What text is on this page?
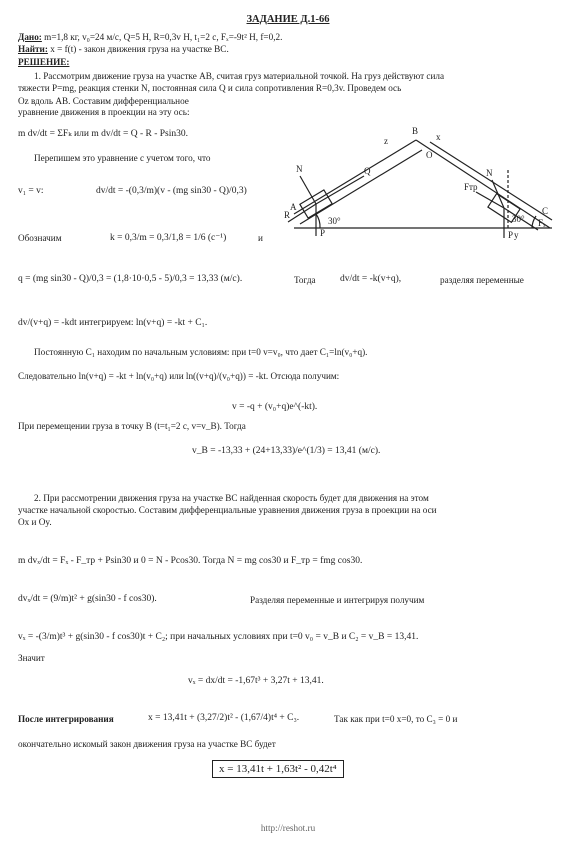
ЗАДАНИЕ Д.1-66
Дано: m=1,8 кг, v₀=24 м/с, Q=5 Н, R=0,3v Н, t₁=2 с, Fₓ=-9t² Н, f=0,2.
Найти: x = f(t) - закон движения груза на участке ВС.
РЕШЕНИЕ:
1. Рассмотрим движение груза на участке AB, считая груз материальной точкой. На груз действуют сила
тяжести P=mg, реакция стенки N, постоянная сила Q и сила сопротивления R=0,3v. Проведем ось
Oz вдоль АВ. Составим дифференциальное
уравнение движения в проекции на эту ось:
m dv/dt = ΣFₖ или m dv/dt = Q - R - Psin30.
Перепишем это уравнение с учетом того, что
v₁ = v:	dv/dt = -(0,3/m)(v - (mg sin30 - Q)/0,3)
Обозначим	k = 0,3/m = 0,3/1,8 = 1/6 (c⁻¹)	и
q = (mg sin30 - Q)/0,3 = (1,8·10·0,5 - 5)/0,3 = 13,33 (м/с).	Тогда	dv/dt = -k(v+q),	разделяя переменные
dv/(v+q) = -kdt интегрируем: ln(v+q) = -kt + C₁.
Постоянную C₁ находим по начальным условиям: при t=0 v=v₀, что дает C₁=ln(v₀+q).
Следовательно ln(v+q) = -kt + ln(v₀+q) или ln((v+q)/(v₀+q)) = -kt. Отсюда получим:
v = -q + (v₀+q)e^(-kt).
При перемещении груза в точку B (t=t₁=2 с, v=v_B). Тогда
v_B = -13,33 + (24+13,33)/e^(1/3) = 13,41 (м/с).
2. При рассмотрении движения груза на участке ВС найденная скорость будет для движения на этом
участке начальной скоростью. Составим дифференциальные уравнения движения груза в проекции на оси
Ox и Oy.
m dvₓ/dt = Fₓ - F_тр + Psin30 и 0 = N - Pcos30. Тогда N = mg cos30 и F_тр = fmg cos30.
dvₓ/dt = (9/m)t² + g(sin30 - f cos30).	Разделяя переменные и интегрируя получим
vₓ = -(3/m)t³ + g(sin30 - f cos30)t + C₂; при начальных условиях при t=0 v₀ = v_B и C₂ = v_B = 13,41.
Значит
vₓ = dx/dt = -1,67t³ + 3,27t + 13,41.
После интегрирования	x = 13,41t + (3,27/2)t² - (1,67/4)t⁴ + C₃.	Так как при t=0 x=0, то C₃ = 0 и
окончательно искомый закон движения груза на участке ВС будет
x = 13,41t + 1,63t² - 0,42t⁴
http://reshot.ru
N	Q
R
P
A
B
C
z	x
N
Fтр
Fₓ
P y
30°	30°
O
